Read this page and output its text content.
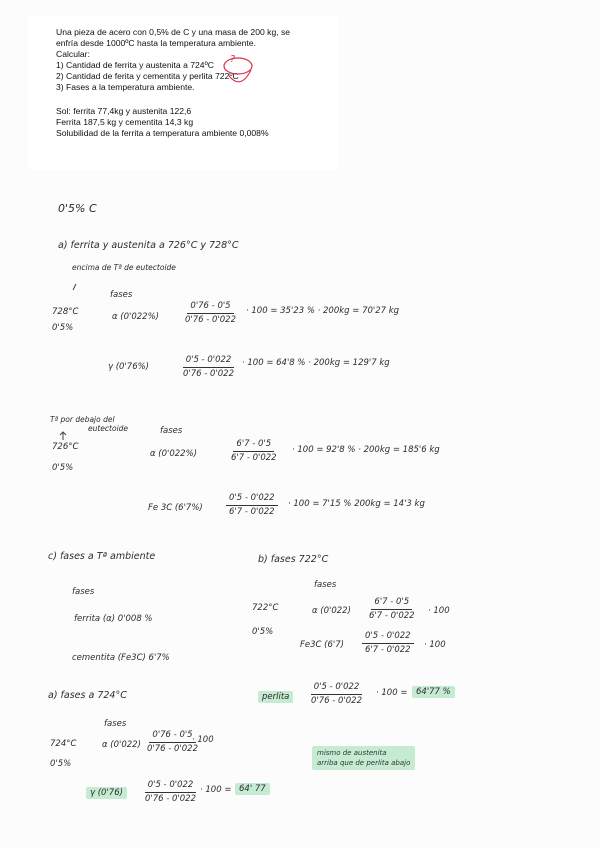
Una pieza de acero con 0,5% de C y una masa de 200 kg, se
enfría desde 1000ºC hasta la temperatura ambiente.
Calcular:
1) Cantidad de ferrita y austenita a 724ºC
2) Cantidad de ferita y cementita y perlita 722ºC
3) Fases a la temperatura ambiente.
Sol: ferrita 77,4kg y austenita 122,6
Ferrita 187,5 kg y cementita 14,3 kg
Solubilidad de la ferrita a temperatura ambiente 0,008%
?
0'5% C
a) ferrita y austenita a 726°C y 728°C
encima de Tª de eutectoide
fases
728°C
0'5%
α (0'022%)	$\frac{0'76 - 0'5}{0'76 - 0'022} \cdot 100 = 35'23$ % · 200kg = 70'27 kg
γ (0'76%)	$\frac{0'5 - 0'022}{0'76 - 0'022} \cdot 100 = 64'8$ % · 200kg = 129'7 kg
Tª por debajo del
eutectoide
726°C
0'5%
fases
α (0'022%)	$\frac{6'7 - 0'5}{6'7 - 0'022} \cdot 100 = 92'8$ % · 200kg = 185'6 kg
Fe 3C (6'7%)	$\frac{0'5 - 0'022}{6'7 - 0'022} \cdot 100 = 7'15$ % 200kg = 14'3 kg
c) fases a Tª ambiente
fases
ferrita (α) 0'008 %
cementita (Fe3C) 6'7%
b) fases 722°C
fases
722°C
0'5%
α $(0'022) \frac{6'7 - 0'5}{6'7 - 0'022} \cdot 100$
Fe3C $(6'7) \frac{0'5 - 0'022}{6'7 - 0'022} \cdot 100$
perlita	$\frac{0'5 - 0'022}{0'76 - 0'022} \cdot 100$ =	64'77 %
a) fases a 724°C
fases
724°C
0'5%
α $(0'022) \frac{0'76 - 0'5}{0'76 - 0'022}$
· 100
mismo de austenita
arriba que de perlita abajo
γ (0'76)	$\frac{0'5 - 0'022}{0'76 - 0'022} \cdot 100 = 64'$ 77
